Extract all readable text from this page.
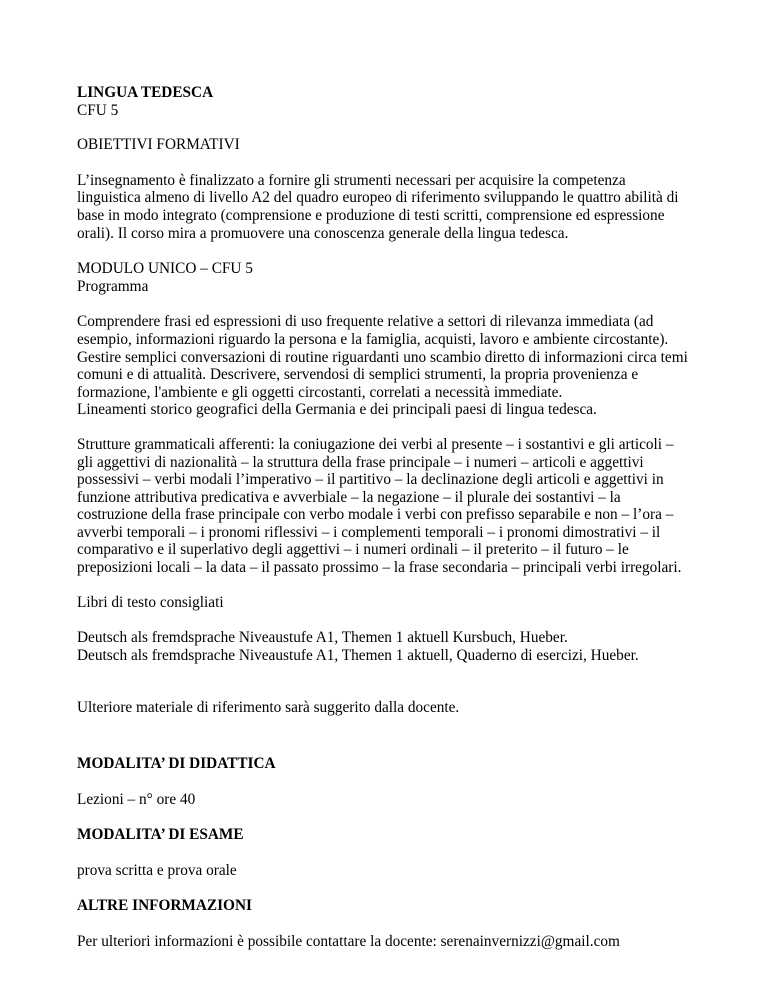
LINGUA TEDESCA
CFU 5
OBIETTIVI FORMATIVI
L’insegnamento è finalizzato a fornire gli strumenti necessari per acquisire la competenza
linguistica almeno di livello A2 del quadro europeo di riferimento sviluppando le quattro abilità di
base in modo integrato (comprensione e produzione di testi scritti, comprensione ed espressione
orali). Il corso mira a promuovere una conoscenza generale della lingua tedesca.
MODULO UNICO – CFU 5
Programma
Comprendere frasi ed espressioni di uso frequente relative a settori di rilevanza immediata (ad
esempio, informazioni riguardo la persona e la famiglia, acquisti, lavoro e ambiente circostante).
Gestire semplici conversazioni di routine riguardanti uno scambio diretto di informazioni circa temi
comuni e di attualità. Descrivere, servendosi di semplici strumenti, la propria provenienza e
formazione, l'ambiente e gli oggetti circostanti, correlati a necessità immediate.
Lineamenti storico geografici della Germania e dei principali paesi di lingua tedesca.
Strutture grammaticali afferenti: la coniugazione dei verbi al presente – i sostantivi e gli articoli –
gli aggettivi di nazionalità – la struttura della frase principale – i numeri – articoli e aggettivi
possessivi – verbi modali l’imperativo – il partitivo – la declinazione degli articoli e aggettivi in
funzione attributiva predicativa e avverbiale – la negazione – il plurale dei sostantivi – la
costruzione della frase principale con verbo modale i verbi con prefisso separabile e non – l’ora –
avverbi temporali – i pronomi riflessivi – i complementi temporali – i pronomi dimostrativi – il
comparativo e il superlativo degli aggettivi – i numeri ordinali – il preterito – il futuro – le
preposizioni locali – la data – il passato prossimo – la frase secondaria – principali verbi irregolari.
Libri di testo consigliati
Deutsch als fremdsprache Niveaustufe A1, Themen 1 aktuell Kursbuch, Hueber.
Deutsch als fremdsprache Niveaustufe A1, Themen 1 aktuell, Quaderno di esercizi, Hueber.
Ulteriore materiale di riferimento sarà suggerito dalla docente.
MODALITA’ DI DIDATTICA
Lezioni – n° ore 40
MODALITA’ DI ESAME
prova scritta e prova orale
ALTRE INFORMAZIONI
Per ulteriori informazioni è possibile contattare la docente: serenainvernizzi@gmail.com
